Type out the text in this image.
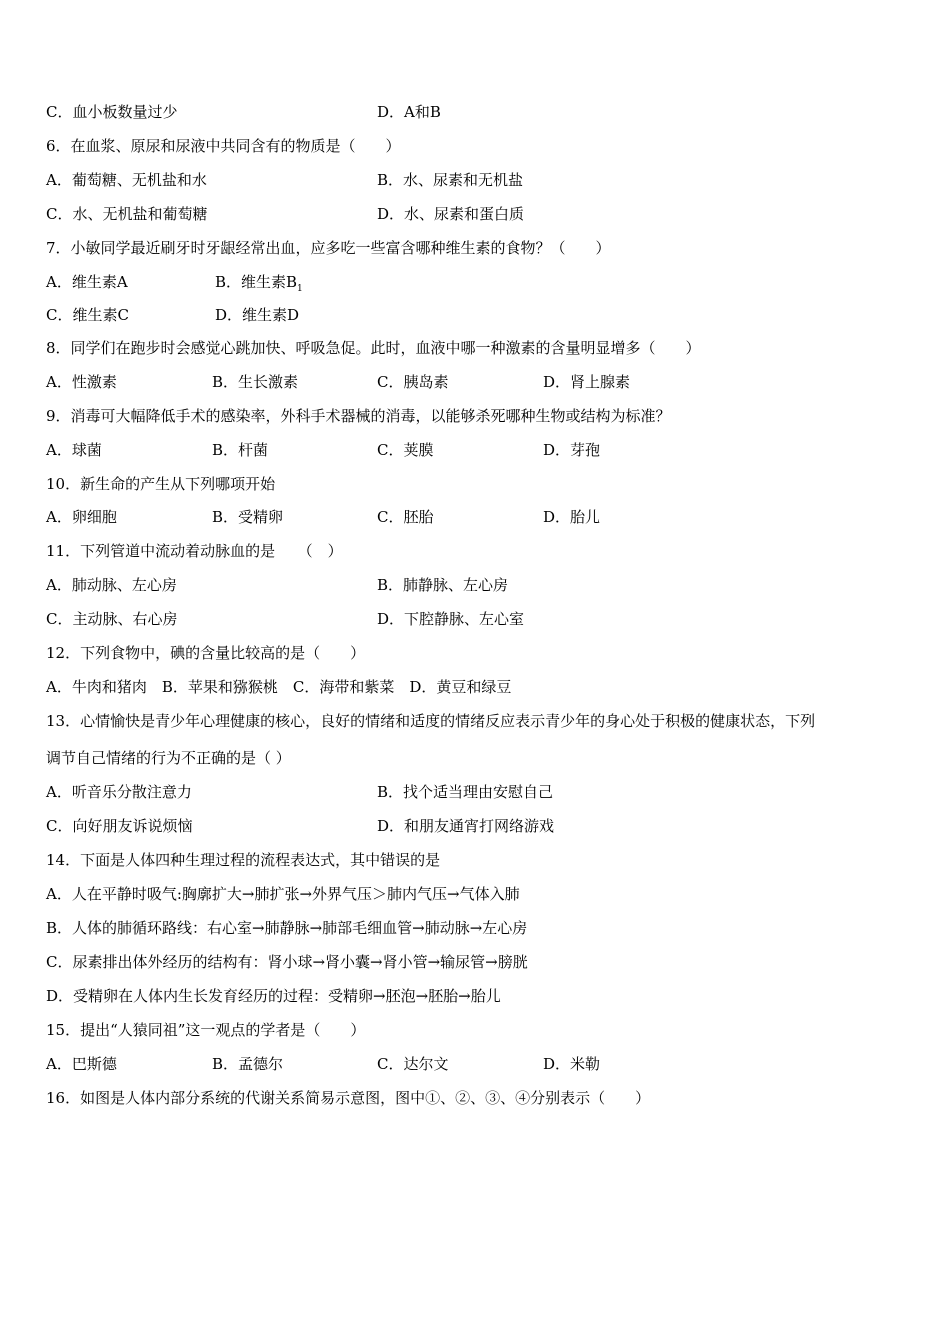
C．血小板数量过少	D．A和B
6．在血浆、原尿和尿液中共同含有的物质是（　　）
A．葡萄糖、无机盐和水	B．水、尿素和无机盐
C．水、无机盐和葡萄糖	D．水、尿素和蛋白质
7．小敏同学最近刷牙时牙龈经常出血，应多吃一些富含哪种维生素的食物？（　　）
A．维生素A	B．维生素$B_1$
C．维生素C	D．维生素D
8．同学们在跑步时会感觉心跳加快、呼吸急促。此时，血液中哪一种激素的含量明显增多（　　）
A．性激素	B．生长激素	C．胰岛素	D．肾上腺素
9．消毒可大幅降低手术的感染率，外科手术器械的消毒，以能够杀死哪种生物或结构为标准？
A．球菌	B．杆菌	C．荚膜	D．芽孢
10．新生命的产生从下列哪项开始
A．卵细胞	B．受精卵	C．胚胎	D．胎儿
11．下列管道中流动着动脉血的是　　（　）
A．肺动脉、左心房	B．肺静脉、左心房
C．主动脉、右心房	D．下腔静脉、左心室
12．下列食物中，碘的含量比较高的是（　　）
A．牛肉和猪肉　B．苹果和猕猴桃　C．海带和紫菜　D．黄豆和绿豆
13．心情愉快是青少年心理健康的核心，良好的情绪和适度的情绪反应表示青少年的身心处于积极的健康状态，下列
调节自己情绪的行为不正确的是（ ）
A．听音乐分散注意力	B．找个适当理由安慰自己
C．向好朋友诉说烦恼	D．和朋友通宵打网络游戏
14．下面是人体四种生理过程的流程表达式，其中错误的是
A．人在平静时吸气:胸廓扩大→肺扩张→外界气压＞肺内气压→气体入肺
B．人体的肺循环路线：右心室→肺静脉→肺部毛细血管→肺动脉→左心房
C．尿素排出体外经历的结构有：肾小球→肾小囊→肾小管→输尿管→膀胱
D．受精卵在人体内生长发育经历的过程：受精卵→胚泡→胚胎→胎儿
15．提出“人猿同祖”这一观点的学者是（　　）
A．巴斯德	B．孟德尔	C．达尔文	D．米勒
16．如图是人体内部分系统的代谢关系简易示意图，图中①、②、③、④分别表示（　　）
